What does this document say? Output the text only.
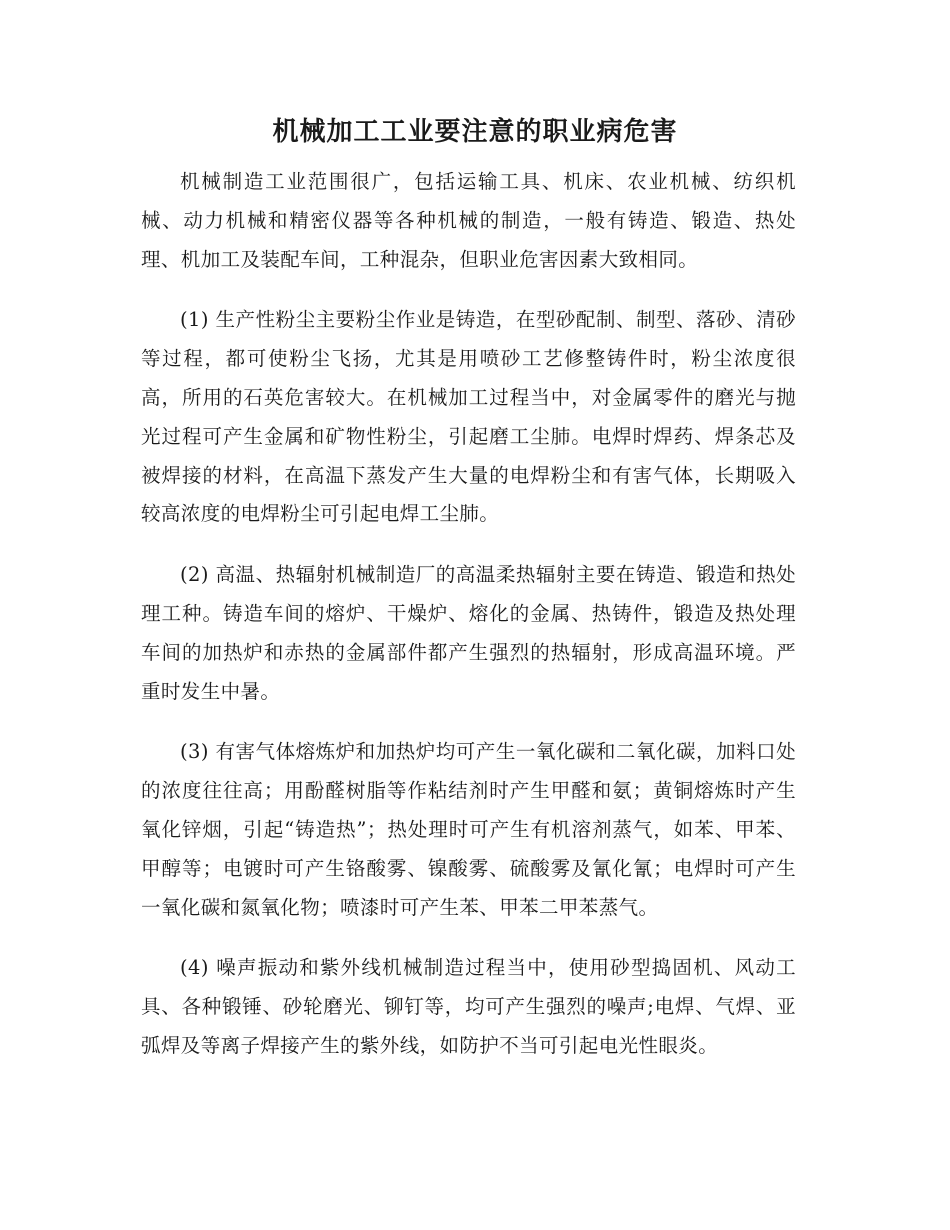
机械加工工业要注意的职业病危害

机械制造工业范围很广，包括运输工具、机床、农业机械、纺织机械、动力机械和精密仪器等各种机械的制造，一般有铸造、锻造、热处理、机加工及装配车间，工种混杂，但职业危害因素大致相同。

(1) 生产性粉尘主要粉尘作业是铸造，在型砂配制、制型、落砂、清砂等过程，都可使粉尘飞扬，尤其是用喷砂工艺修整铸件时，粉尘浓度很高，所用的石英危害较大。在机械加工过程当中，对金属零件的磨光与抛光过程可产生金属和矿物性粉尘，引起磨工尘肺。电焊时焊药、焊条芯及被焊接的材料，在高温下蒸发产生大量的电焊粉尘和有害气体，长期吸入较高浓度的电焊粉尘可引起电焊工尘肺。

(2) 高温、热辐射机械制造厂的高温柔热辐射主要在铸造、锻造和热处理工种。铸造车间的熔炉、干燥炉、熔化的金属、热铸件，锻造及热处理车间的加热炉和赤热的金属部件都产生强烈的热辐射，形成高温环境。严重时发生中暑。

(3) 有害气体熔炼炉和加热炉均可产生一氧化碳和二氧化碳，加料口处的浓度往往高；用酚醛树脂等作粘结剂时产生甲醛和氨；黄铜熔炼时产生氧化锌烟，引起“铸造热”；热处理时可产生有机溶剂蒸气，如苯、甲苯、甲醇等；电镀时可产生铬酸雾、镍酸雾、硫酸雾及氰化氰；电焊时可产生一氧化碳和氮氧化物；喷漆时可产生苯、甲苯二甲苯蒸气。

(4) 噪声振动和紫外线机械制造过程当中，使用砂型捣固机、风动工具、各种锻锤、砂轮磨光、铆钉等，均可产生强烈的噪声;电焊、气焊、亚弧焊及等离子焊接产生的紫外线，如防护不当可引起电光性眼炎。
